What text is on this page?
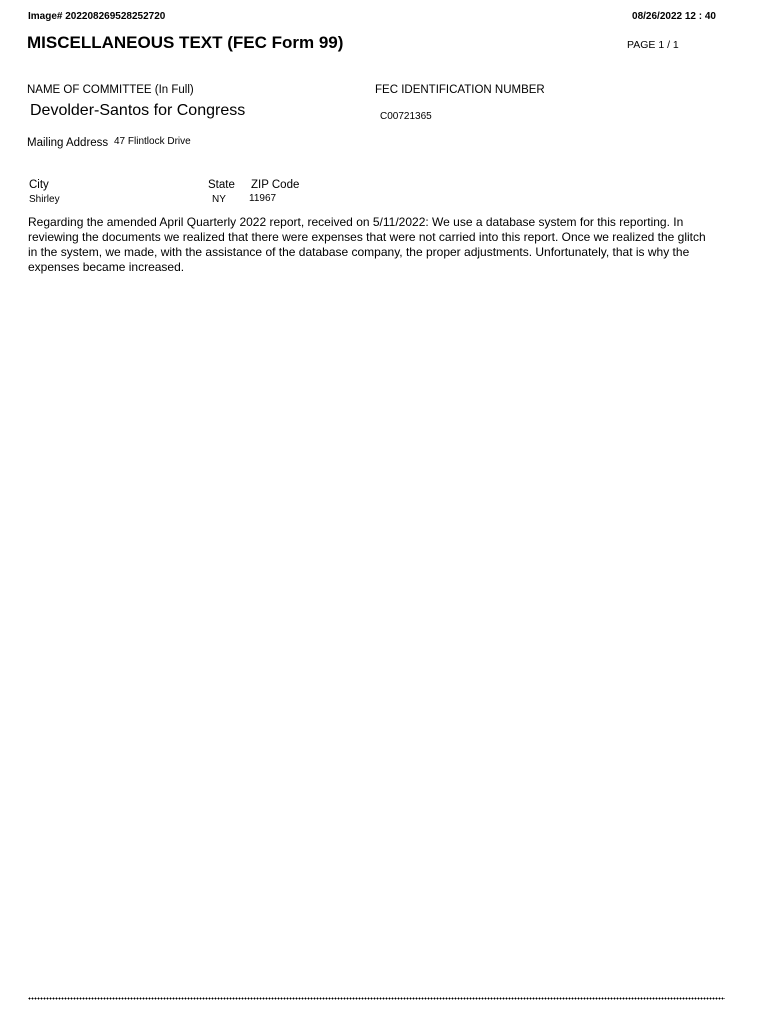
Image# 202208269528252720	08/26/2022 12 : 40
MISCELLANEOUS TEXT (FEC Form 99)	PAGE 1 / 1
NAME OF COMMITTEE (In Full)
Devolder-Santos for Congress
FEC IDENTIFICATION NUMBER
C00721365
Mailing Address 47 Flintlock Drive
City
Shirley
State
NY
ZIP Code
11967
Regarding the amended April Quarterly 2022 report, received on 5/11/2022: We use a database system for this reporting. In reviewing the documents we realized that there were expenses that were not carried into this report. Once we realized the glitch in the system, we made, with the assistance of the database company, the proper adjustments. Unfortunately, that is why the expenses became increased.
